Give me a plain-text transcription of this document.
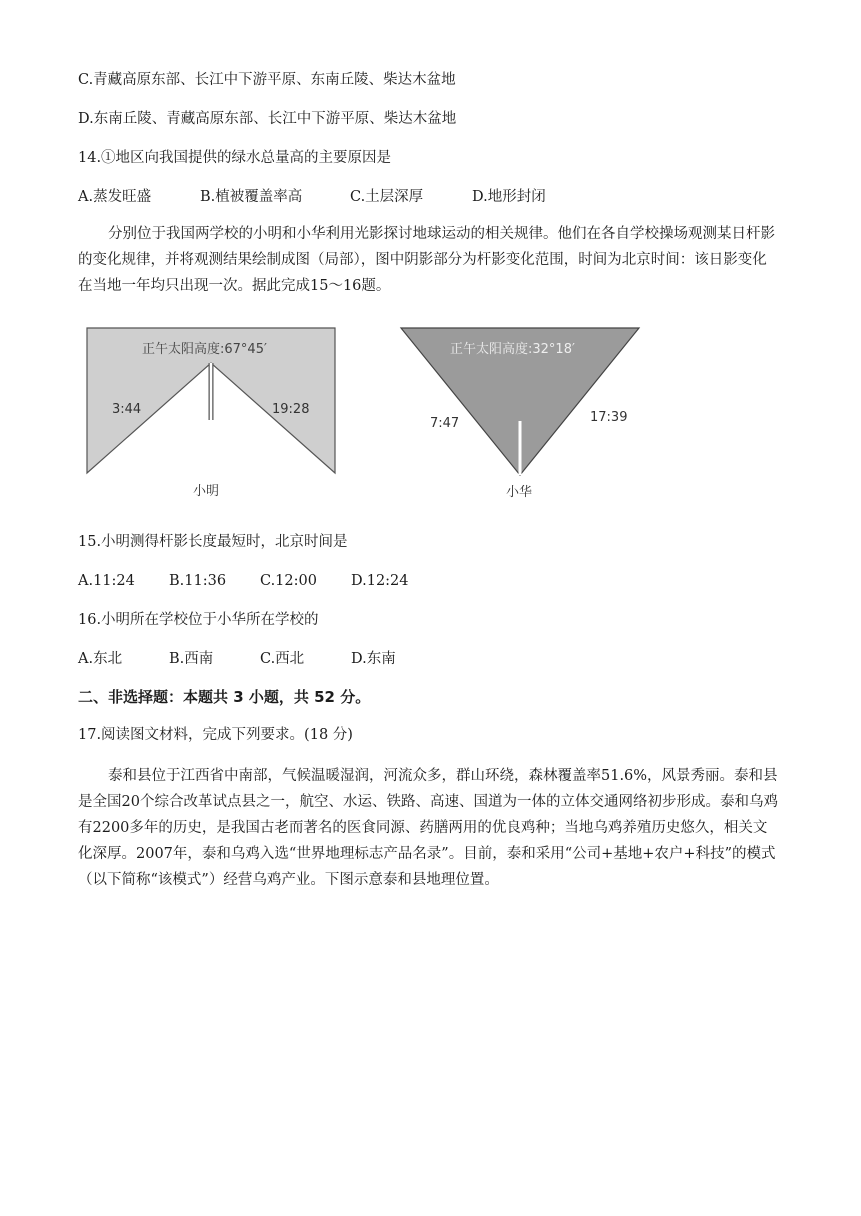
C.青藏高原东部、长江中下游平原、东南丘陵、柴达木盆地
D.东南丘陵、青藏高原东部、长江中下游平原、柴达木盆地
14.①地区向我国提供的绿水总量高的主要原因是
A.蒸发旺盛	B.植被覆盖率高	C.土层深厚	D.地形封闭
分别位于我国两学校的小明和小华利用光影探讨地球运动的相关规律。他们在各自学校操场观测某日杆影的变化规律，并将观测结果绘制成图（局部），图中阴影部分为杆影变化范围，时间为北京时间：该日影变化在当地一年均只出现一次。据此完成15～16题。
正午太阳高度:67°45′
3:44	19:28
小明
正午太阳高度:32°18′
7:47	17:39
小华
15.小明测得杆影长度最短时，北京时间是
A.11:24 B.11:36 C.12:00 D.12:24
16.小明所在学校位于小华所在学校的
A.东北	B.西南	C.西北	D.东南
二、非选择题：本题共 3 小题，共 52 分。
17.阅读图文材料，完成下列要求。(18 分)
泰和县位于江西省中南部，气候温暖湿润，河流众多，群山环绕，森林覆盖率51.6%，风景秀丽。泰和县是全国20个综合改革试点县之一，航空、水运、铁路、高速、国道为一体的立体交通网络初步形成。泰和乌鸡有2200多年的历史，是我国古老而著名的医食同源、药膳两用的优良鸡种；当地乌鸡养殖历史悠久，相关文化深厚。2007年，泰和乌鸡入选“世界地理标志产品名录”。目前，泰和采用“公司+基地+农户+科技”的模式（以下简称“该模式”）经营乌鸡产业。下图示意泰和县地理位置。
